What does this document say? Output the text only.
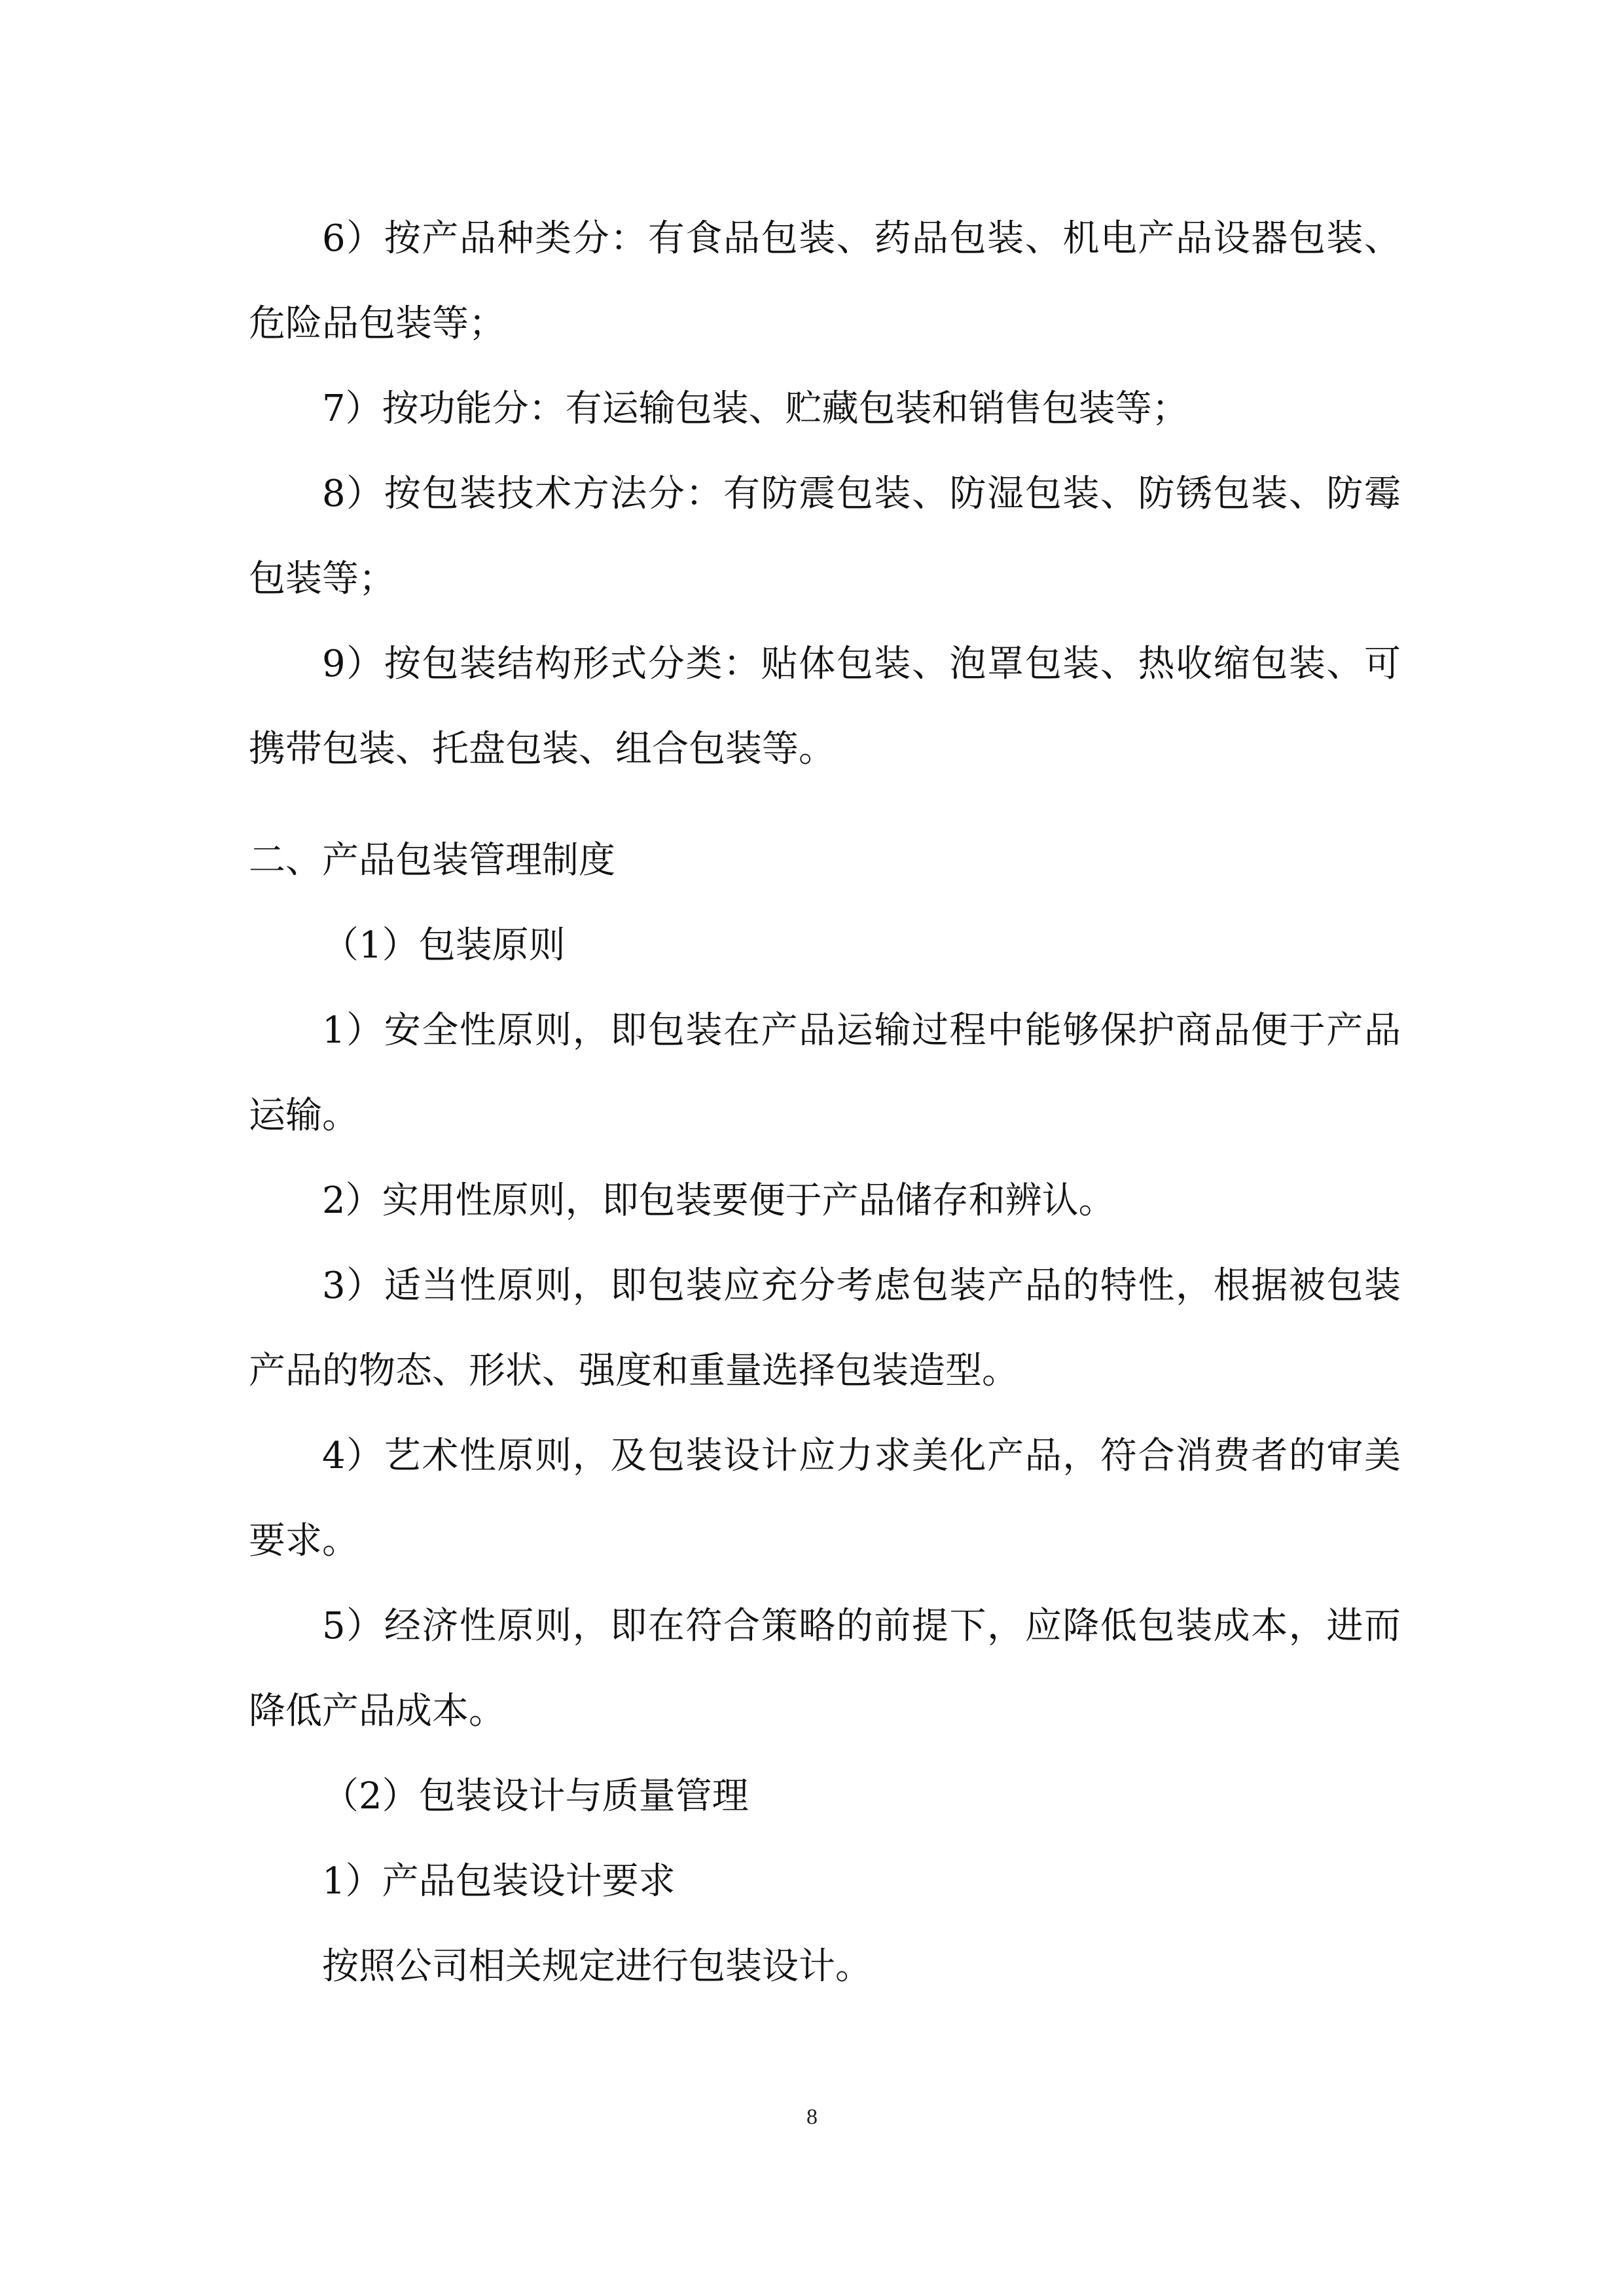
6）按产品种类分：有食品包装、药品包装、机电产品设器包装、危险品包装等；

7）按功能分：有运输包装、贮藏包装和销售包装等；

8）按包装技术方法分：有防震包装、防湿包装、防锈包装、防霉包装等；

9）按包装结构形式分类：贴体包装、泡罩包装、热收缩包装、可携带包装、托盘包装、组合包装等。

二、产品包装管理制度

（1）包装原则

1）安全性原则，即包装在产品运输过程中能够保护商品便于产品运输。

2）实用性原则，即包装要便于产品储存和辨认。

3）适当性原则，即包装应充分考虑包装产品的特性，根据被包装产品的物态、形状、强度和重量选择包装造型。

4）艺术性原则，及包装设计应力求美化产品，符合消费者的审美要求。

5）经济性原则，即在符合策略的前提下，应降低包装成本，进而降低产品成本。

（2）包装设计与质量管理

1）产品包装设计要求

按照公司相关规定进行包装设计。

8
